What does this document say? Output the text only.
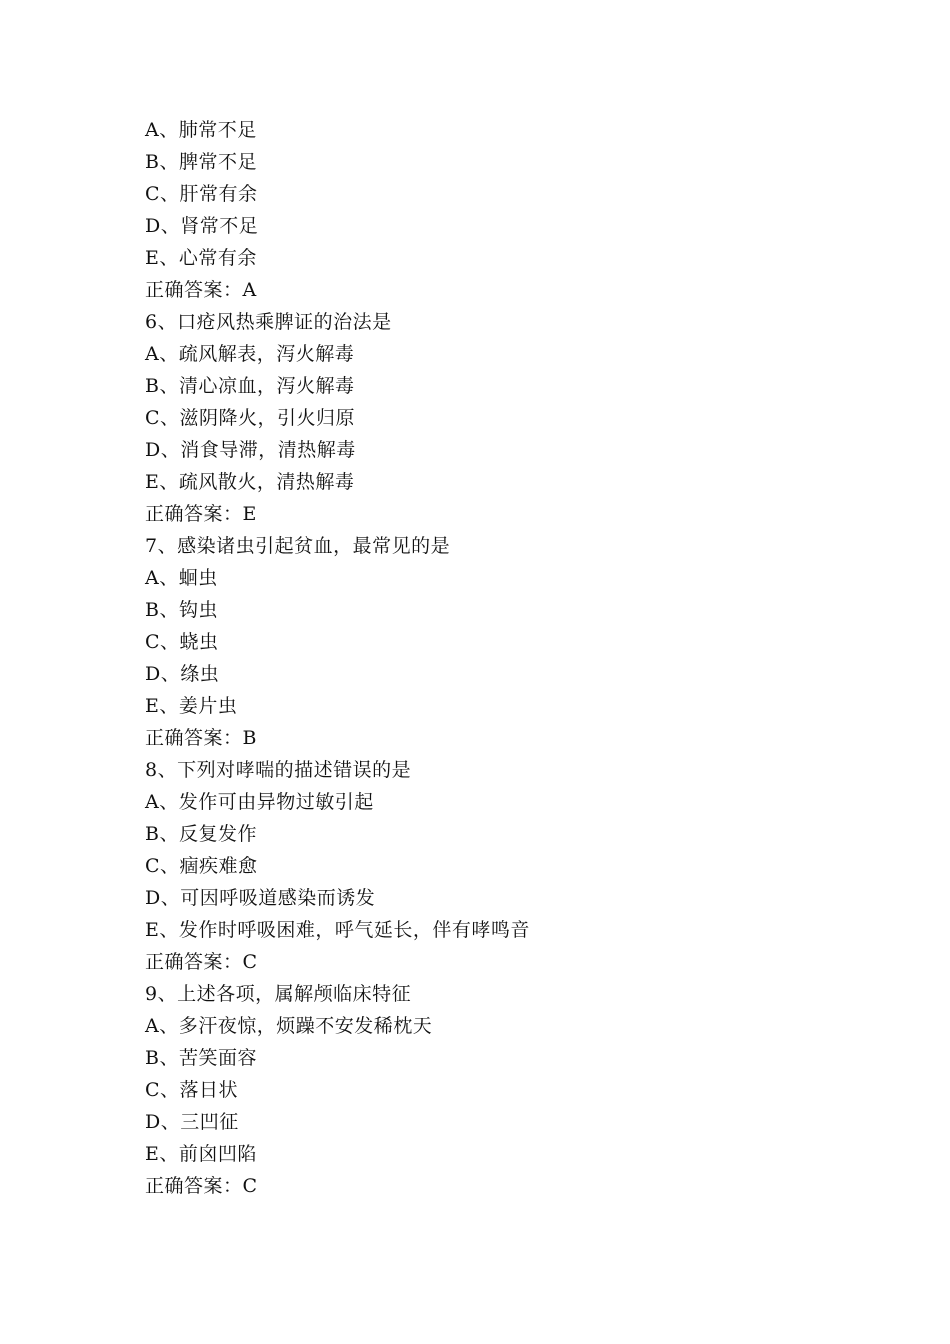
A、肺常不足
B、脾常不足
C、肝常有余
D、肾常不足
E、心常有余
正确答案：A
6、口疮风热乘脾证的治法是
A、疏风解表，泻火解毒
B、清心凉血，泻火解毒
C、滋阴降火，引火归原
D、消食导滞，清热解毒
E、疏风散火，清热解毒
正确答案：E
7、感染诸虫引起贫血，最常见的是
A、蛔虫
B、钩虫
C、蛲虫
D、绦虫
E、姜片虫
正确答案：B
8、下列对哮喘的描述错误的是
A、发作可由异物过敏引起
B、反复发作
C、痼疾难愈
D、可因呼吸道感染而诱发
E、发作时呼吸困难，呼气延长，伴有哮鸣音
正确答案：C
9、上述各项，属解颅临床特征
A、多汗夜惊，烦躁不安发稀枕天
B、苦笑面容
C、落日状
D、三凹征
E、前囟凹陷
正确答案：C
